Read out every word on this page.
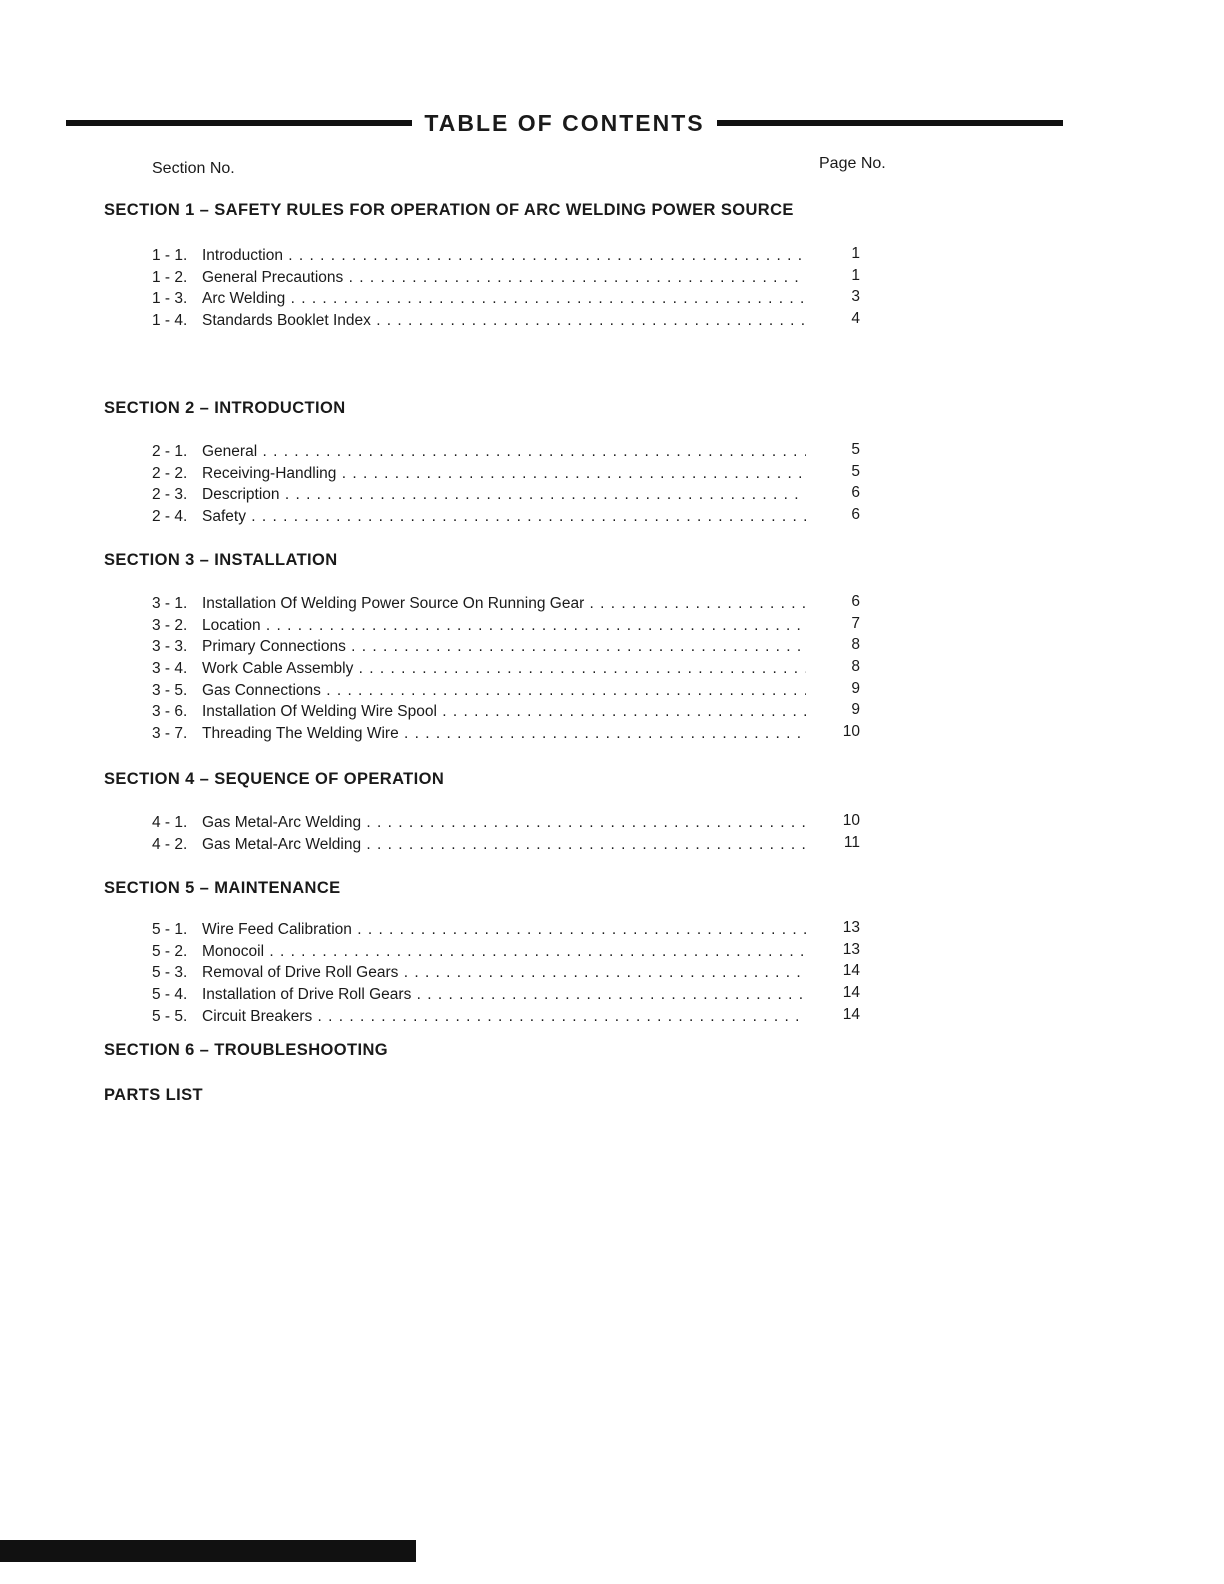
TABLE OF CONTENTS
Section No.	Page No.
SECTION 1 – SAFETY RULES FOR OPERATION OF ARC WELDING POWER SOURCE
1 - 1. Introduction . . .	1
1 - 2. General Precautions . . .	1
1 - 3. Arc Welding . . .	3
1 - 4. Standards Booklet Index . . .	4
SECTION 2 – INTRODUCTION
2 - 1. General . . .	5
2 - 2. Receiving-Handling . . .	5
2 - 3. Description . . .	6
2 - 4. Safety . . .	6
SECTION 3 – INSTALLATION
3 - 1. Installation Of Welding Power Source On Running Gear . . .	6
3 - 2. Location . . .	7
3 - 3. Primary Connections . . .	8
3 - 4. Work Cable Assembly . . .	8
3 - 5. Gas Connections . . .	9
3 - 6. Installation Of Welding Wire Spool . . .	9
3 - 7. Threading The Welding Wire . . .	10
SECTION 4 – SEQUENCE OF OPERATION
4 - 1. Gas Metal-Arc Welding . . .	10
4 - 2. Gas Metal-Arc Welding . . .	11
SECTION 5 – MAINTENANCE
5 - 1. Wire Feed Calibration . . .	13
5 - 2. Monocoil . . .	13
5 - 3. Removal of Drive Roll Gears . . .	14
5 - 4. Installation of Drive Roll Gears . . .	14
5 - 5. Circuit Breakers . . .	14
SECTION 6 – TROUBLESHOOTING
PARTS LIST
